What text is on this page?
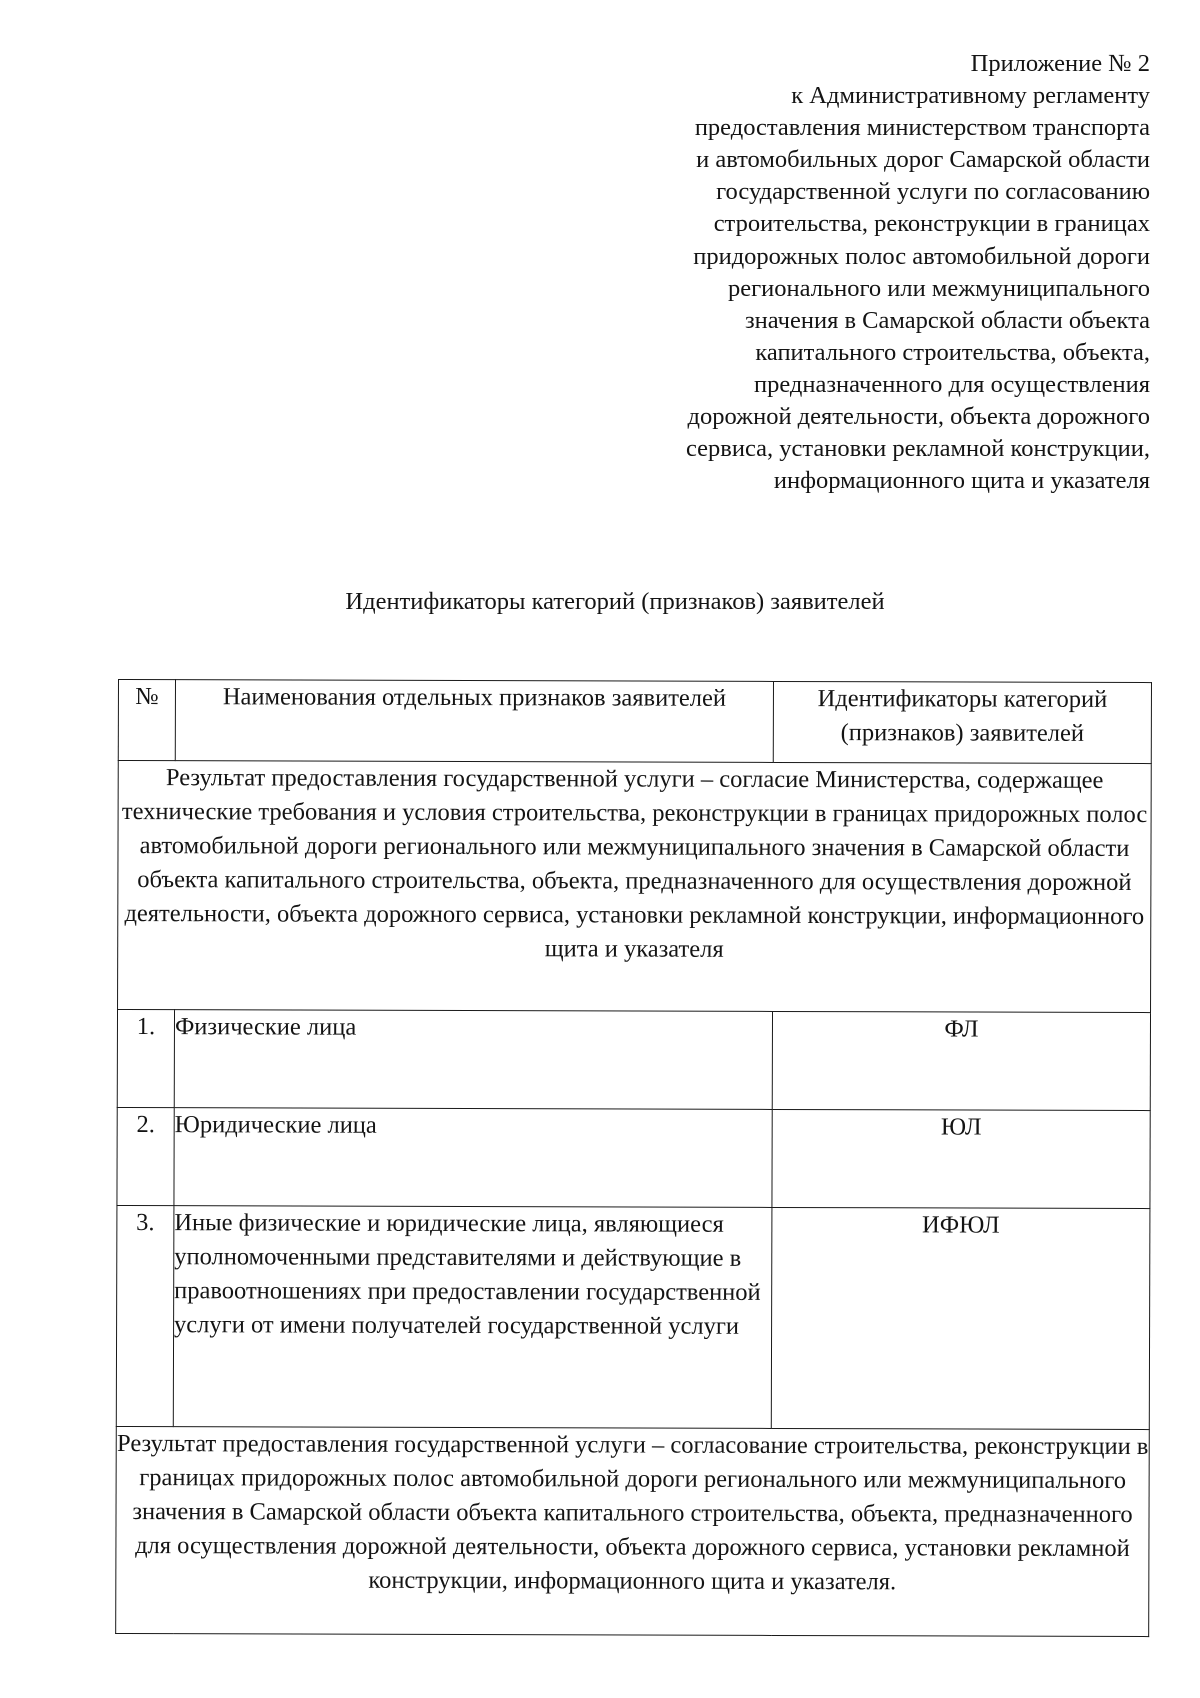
Приложение № 2
к Административному регламенту
предоставления министерством транспорта
и автомобильных дорог Самарской области
государственной услуги по согласованию
строительства, реконструкции в границах
придорожных полос автомобильной дороги
регионального или межмуниципального
значения в Самарской области объекта
капитального строительства, объекта,
предназначенного для осуществления
дорожной деятельности, объекта дорожного
сервиса, установки рекламной конструкции,
информационного щита и указателя
Идентификаторы категорий (признаков) заявителей
№	Наименования отдельных признаков заявителей	Идентификаторы категорий (признаков) заявителей
Результат предоставления государственной услуги – согласие Министерства, содержащее технические требования и условия строительства, реконструкции в границах придорожных полос автомобильной дороги регионального или межмуниципального значения в Самарской области объекта капитального строительства, объекта, предназначенного для осуществления дорожной деятельности, объекта дорожного сервиса, установки рекламной конструкции, информационного щита и указателя		
1.	Физические лица	ФЛ
2.	Юридические лица	ЮЛ
3.	Иные физические и юридические лица, являющиеся уполномоченными представителями и действующие в правоотношениях при предоставлении государственной услуги от имени получателей государственной услуги	ИФЮЛ
Результат предоставления государственной услуги – согласование строительства, реконструкции в границах придорожных полос автомобильной дороги регионального или межмуниципального значения в Самарской области объекта капитального строительства, объекта, предназначенного для осуществления дорожной деятельности, объекта дорожного сервиса, установки рекламной конструкции, информационного щита и указателя.		
